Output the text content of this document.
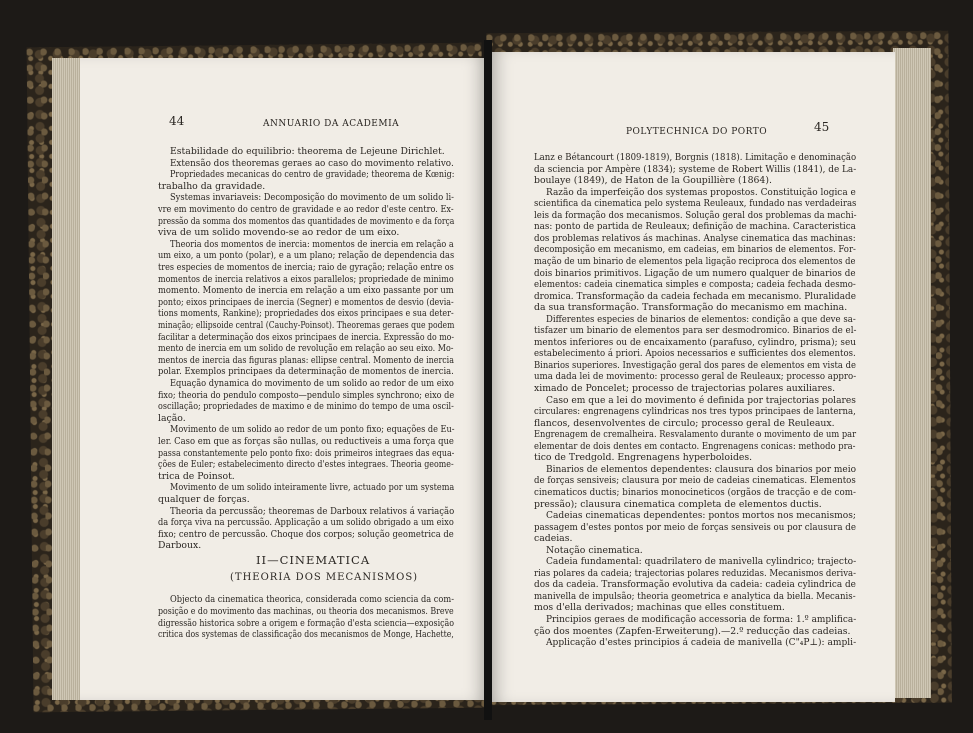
44	ANNUARIO DA ACADEMIA
Estabilidade do equilibrio: theorema de Lejeune Dirichlet.
Extensão dos theoremas geraes ao caso do movimento relativo.
Propriedades mecanicas do centro de gravidade; theorema de Kœnig:
trabalho da gravidade.
Systemas invariaveis: Decomposição do movimento de um solido li-
vre em movimento do centro de gravidade e ao redor d'este centro. Ex-
pressão da somma dos momentos das quantidades de movimento e da força
viva de um solido movendo-se ao redor de um eixo.
Theoria dos momentos de inercia: momentos de inercia em relação a
um eixo, a um ponto (polar), e a um plano; relação de dependencia das
tres especies de momentos de inercia; raio de gyração; relação entre os
momentos de inercia relativos a eixos parallelos; propriedade de minimo
momento. Momento de inercia em relação a um eixo passante por um
ponto; eixos principaes de inercia (Segner) e momentos de desvio (devia-
tions moments, Rankine); propriedades dos eixos principaes e sua deter-
minação; ellipsoide central (Cauchy-Poinsot). Theoremas geraes que podem
facilitar a determinação dos eixos principaes de inercia. Expressão do mo-
mento de inercia em um solido de revolução em relação ao seu eixo. Mo-
mentos de inercia das figuras planas: ellipse central. Momento de inercia
polar. Exemplos principaes da determinação de momentos de inercia.
Equação dynamica do movimento de um solido ao redor de um eixo
fixo; theoria do pendulo composto—pendulo simples synchrono; eixo de
oscillação; propriedades de maximo e de minimo do tempo de uma oscil-
lação.
Movimento de um solido ao redor de um ponto fixo; equações de Eu-
ler. Caso em que as forças são nullas, ou reductiveis a uma força que
passa constantemente pelo ponto fixo: dois primeiros integraes das equa-
ções de Euler; estabelecimento directo d'estes integraes. Theoria geome-
trica de Poinsot.
Movimento de um solido inteiramente livre, actuado por um systema
qualquer de forças.
Theoria da percussão; theoremas de Darboux relativos á variação
da força viva na percussão. Applicação a um solido obrigado a um eixo
fixo; centro de percussão. Choque dos corpos; solução geometrica de
Darboux.
II—CINEMATICA
(THEORIA DOS MECANISMOS)
Objecto da cinematica theorica, considerada como sciencia da com-
posição e do movimento das machinas, ou theoria dos mecanismos. Breve
digressão historica sobre a origem e formação d'esta sciencia—exposição
critica dos systemas de classificação dos mecanismos de Monge, Hachette,
POLYTECHNICA DO PORTO	45
Lanz e Bétancourt (1809-1819), Borgnis (1818). Limitação e denominação
da sciencia por Ampère (1834); systeme de Robert Willis (1841), de La-
boulaye (1849), de Haton de la Goupillière (1864).
Razão da imperfeição dos systemas propostos. Constituição logica e
scientifica da cinematica pelo systema Reuleaux, fundado nas verdadeiras
leis da formação dos mecanismos. Solução geral dos problemas da machi-
nas: ponto de partida de Reuleaux; definição de machina. Caracteristica
dos problemas relativos ás machinas. Analyse cinematica das machinas:
decomposição em mecanismo, em cadeias, em binarios de elementos. For-
mação de um binario de elementos pela ligação reciproca dos elementos de
dois binarios primitivos. Ligação de um numero qualquer de binarios de
elementos: cadeia cinematica simples e composta; cadeia fechada desmo-
dromica. Transformação da cadeia fechada em mecanismo. Pluralidade
da sua transformação. Transformação do mecanismo em machina.
Differentes especies de binarios de elementos: condição a que deve sa-
tisfazer um binario de elementos para ser desmodromico. Binarios de el-
mentos inferiores ou de encaixamento (parafuso, cylindro, prisma); seu
estabelecimento á priori. Apoios necessarios e sufficientes dos elementos.
Binarios superiores. Investigação geral dos pares de elementos em vista de
uma dada lei de movimento: processo geral de Reuleaux; processo appro-
ximado de Poncelet; processo de trajectorias polares auxiliares.
Caso em que a lei do movimento é definida por trajectorias polares
circulares: engrenagens cylindricas nos tres typos principaes de lanterna,
flancos, desenvolventes de circulo; processo geral de Reuleaux.
Engrenagem de cremalheira. Resvalamento durante o movimento de um par
elementar de dois dentes em contacto. Engrenagens conicas: methodo pra-
tico de Tredgold. Engrenagens hyperboloides.
Binarios de elementos dependentes: clausura dos binarios por meio
de forças sensiveis; clausura por meio de cadeias cinematicas. Elementos
cinematicos ductis; binarios monocineticos (orgãos de tracção e de com-
pressão); clausura cinematica completa de elementos ductis.
Cadeias cinematicas dependentes: pontos mortos nos mecanismos;
passagem d'estes pontos por meio de forças sensiveis ou por clausura de
cadeias.
Notação cinematica.
Cadeia fundamental: quadrilatero de manivella cylindrico; trajecto-
rias polares da cadeia; trajectorias polares reduzidas. Mecanismos deriva-
dos da cadeia. Transformação evolutiva da cadeia: cadeia cylindrica de
manivella de impulsão; theoria geometrica e analytica da biella. Mecanis-
mos d'ella derivados; machinas que elles constituem.
Principios geraes de modificação accessoria de forma: 1.º amplifica-
ção dos moentes (Zapfen-Erweiterung).—2.º reducção das cadeias.
Applicação d'estes principios á cadeia de manivella (C"₄P⊥): ampli-
